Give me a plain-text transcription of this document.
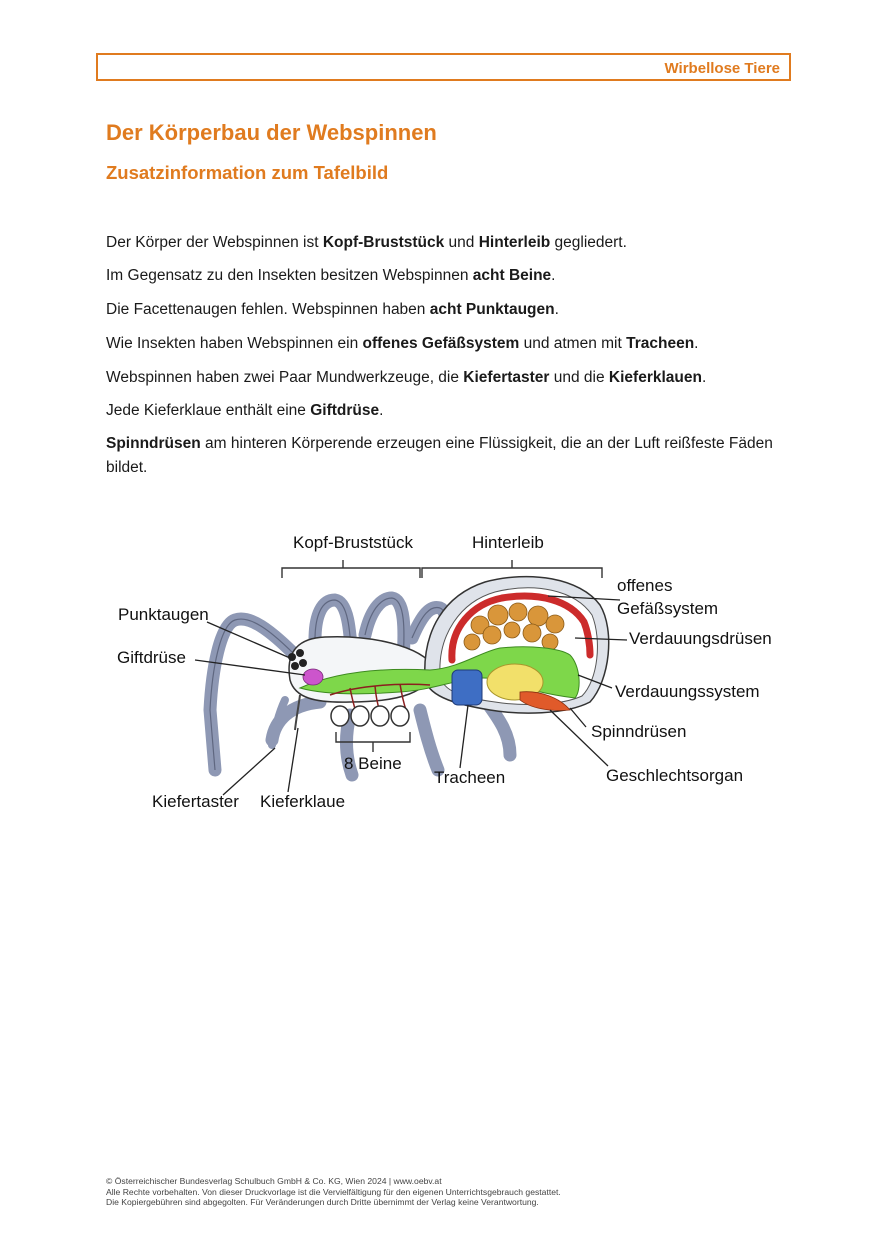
Wirbellose Tiere
Der Körperbau der Webspinnen
Zusatzinformation zum Tafelbild

Der Körper der Webspinnen ist Kopf-Bruststück und Hinterleib gegliedert.

Im Gegensatz zu den Insekten besitzen Webspinnen acht Beine.

Die Facettenaugen fehlen. Webspinnen haben acht Punktaugen.

Wie Insekten haben Webspinnen ein offenes Gefäßsystem und atmen mit Tracheen.

Webspinnen haben zwei Paar Mundwerkzeuge, die Kiefertaster und die Kieferklauen.

Jede Kieferklaue enthält eine Giftdrüse.

Spinndrüsen am hinteren Körperende erzeugen eine Flüssigkeit, die an der Luft reißfeste Fäden bildet.

Kopf-Bruststück	Hinterleib
offenes
Gefäßsystem
Verdauungsdrüsen
Verdauungssystem
Spinndrüsen
Geschlechtsorgan
Tracheen
8 Beine
Punktaugen
Giftdrüse
Kiefertaster Kieferklaue
© Österreichischer Bundesverlag Schulbuch GmbH & Co. KG, Wien 2024 | www.oebv.at
Alle Rechte vorbehalten. Von dieser Druckvorlage ist die Vervielfältigung für den eigenen Unterrichtsgebrauch gestattet.
Die Kopiergebühren sind abgegolten. Für Veränderungen durch Dritte übernimmt der Verlag keine Verantwortung.
